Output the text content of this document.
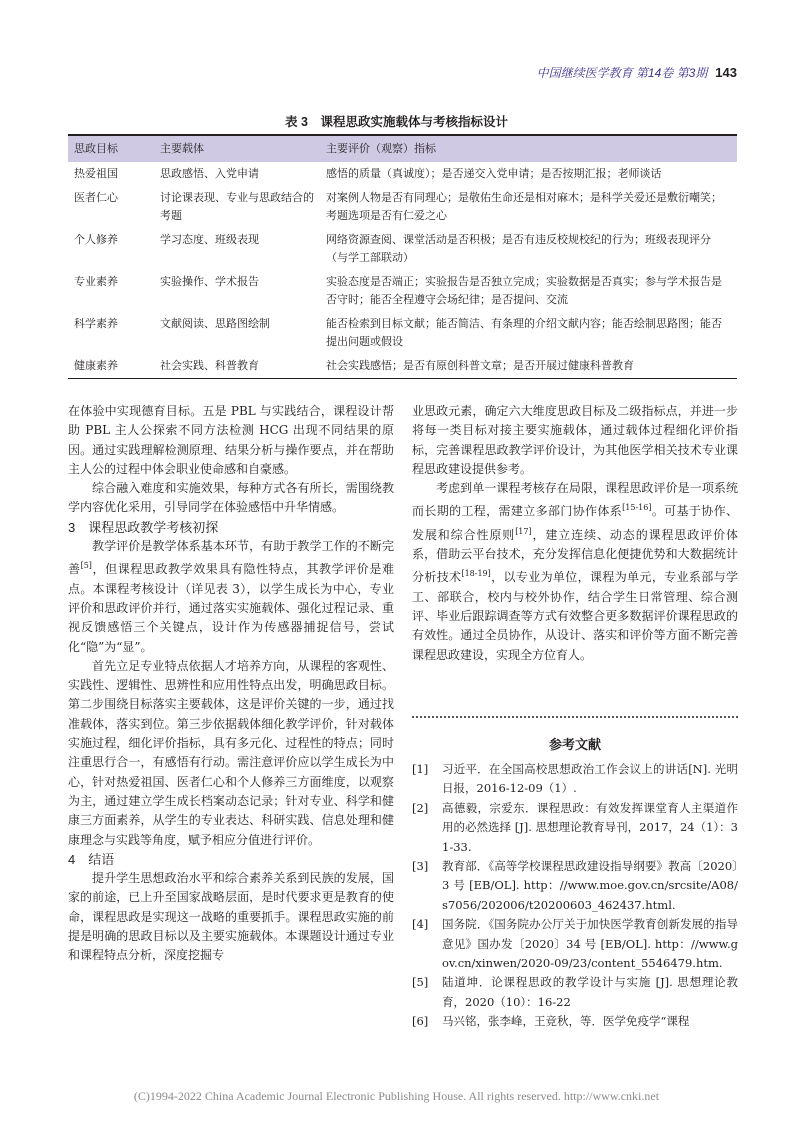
中国继续医学教育 第14卷 第3期 143
表 3　课程思政实施载体与考核指标设计
思政目标	主要载体	主要评价（观察）指标
热爱祖国	思政感悟、入党申请	感悟的质量（真诚度）；是否递交入党申请；是否按期汇报；老师谈话
医者仁心	讨论课表现、专业与思政结合的考题	对案例人物是否有同理心；是敬佑生命还是相对麻木；是科学关爱还是敷衍嘲笑；考题选项是否有仁爱之心
个人修养	学习态度、班级表现	网络资源查阅、课堂活动是否积极；是否有违反校规校纪的行为；班级表现评分（与学工部联动）
专业素养	实验操作、学术报告	实验态度是否端正；实验报告是否独立完成；实验数据是否真实；参与学术报告是否守时；能否全程遵守会场纪律；是否提问、交流
科学素养	文献阅读、思路图绘制	能否检索到目标文献；能否简洁、有条理的介绍文献内容；能否绘制思路图；能否提出问题或假设
健康素养	社会实践、科普教育	社会实践感悟；是否有原创科普文章；是否开展过健康科普教育

在体验中实现德育目标。五是 PBL 与实践结合，课程设计帮助 PBL 主人公探索不同方法检测 HCG 出现不同结果的原因。通过实践理解检测原理、结果分析与操作要点，并在帮助主人公的过程中体会职业使命感和自豪感。

综合融入难度和实施效果，每种方式各有所长，需围绕教学内容优化采用，引导同学在体验感悟中升华情感。

3　课程思政教学考核初探

教学评价是教学体系基本环节，有助于教学工作的不断完善[5]，但课程思政教学效果具有隐性特点，其教学评价是难点。本课程考核设计（详见表 3），以学生成长为中心，专业评价和思政评价并行，通过落实实施载体、强化过程记录、重视反馈感悟三个关键点，设计作为传感器捕捉信号，尝试化“隐”为“显”。

首先立足专业特点依据人才培养方向，从课程的客观性、实践性、逻辑性、思辨性和应用性特点出发，明确思政目标。第二步围绕目标落实主要载体，这是评价关键的一步，通过找准载体，落实到位。第三步依据载体细化教学评价，针对载体实施过程，细化评价指标，具有多元化、过程性的特点；同时注重思行合一，有感悟有行动。需注意评价应以学生成长为中心，针对热爱祖国、医者仁心和个人修养三方面维度，以观察为主，通过建立学生成长档案动态记录；针对专业、科学和健康三方面素养，从学生的专业表达、科研实践、信息处理和健康理念与实践等角度，赋予相应分值进行评价。

4　结语

提升学生思想政治水平和综合素养关系到民族的发展，国家的前途，已上升至国家战略层面，是时代要求更是教育的使命，课程思政是实现这一战略的重要抓手。课程思政实施的前提是明确的思政目标以及主要实施载体。本课题设计通过专业和课程特点分析，深度挖掘专

业思政元素，确定六大维度思政目标及二级指标点，并进一步将每一类目标对接主要实施载体，通过载体过程细化评价指标，完善课程思政教学评价设计，为其他医学相关技术专业课程思政建设提供参考。

考虑到单一课程考核存在局限，课程思政评价是一项系统而长期的工程，需建立多部门协作体系[15-16]。可基于协作、发展和综合性原则[17]，建立连续、动态的课程思政评价体系，借助云平台技术，充分发挥信息化便捷优势和大数据统计分析技术[18-19]，以专业为单位，课程为单元，专业系部与学工、部联合，校内与校外协作，结合学生日常管理、综合测评、毕业后跟踪调查等方式有效整合更多数据评价课程思政的有效性。通过全员协作，从设计、落实和评价等方面不断完善课程思政建设，实现全方位育人。

参考文献
[1]	习近平．在全国高校思想政治工作会议上的讲话[N]. 光明日报，2016-12-09（1）.
[2]	高德毅，宗爱东．课程思政：有效发挥课堂育人主渠道作用的必然选择 [J]. 思想理论教育导刊，2017，24（1）：31-33.
[3]	教育部．《高等学校课程思政建设指导纲要》教高〔2020〕3 号 [EB/OL]. http：//www.moe.gov.cn/srcsite/A08/s7056/202006/t20200603_462437.html.
[4]	国务院．《国务院办公厅关于加快医学教育创新发展的指导意见》国办发〔2020〕34 号 [EB/OL]. http：//www.gov.cn/xinwen/2020-09/23/content_5546479.htm.
[5]	陆道坤．论课程思政的教学设计与实施 [J]. 思想理论教育，2020（10）：16-22
[6]	马兴铭，张李峰，王竞秋，等．医学免疫学“课程
(C)1994-2022 China Academic Journal Electronic Publishing House. All rights reserved. http://www.cnki.net
